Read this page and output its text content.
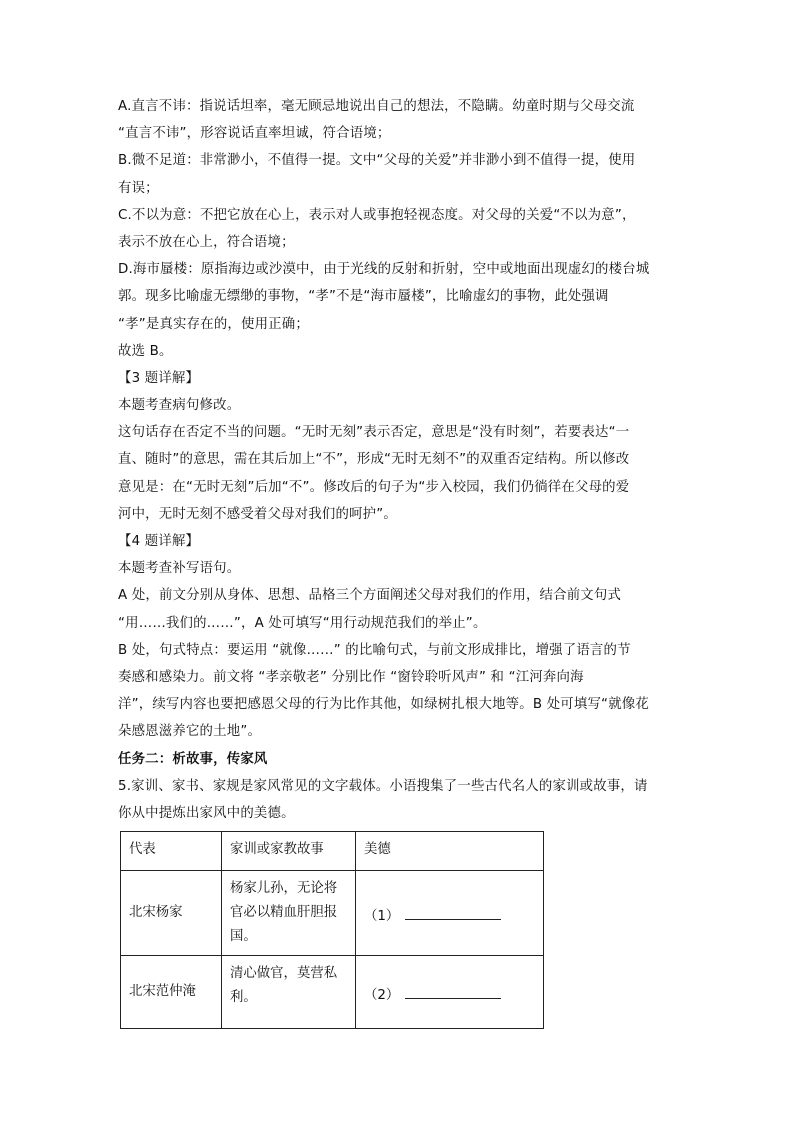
A.直言不讳：指说话坦率，毫无顾忌地说出自己的想法，不隐瞒。幼童时期与父母交流
“直言不讳”，形容说话直率坦诚，符合语境；
B.微不足道：非常渺小，不值得一提。文中“父母的关爱”并非渺小到不值得一提，使用
有误；
C.不以为意：不把它放在心上，表示对人或事抱轻视态度。对父母的关爱“不以为意”，
表示不放在心上，符合语境；
D.海市蜃楼：原指海边或沙漠中，由于光线的反射和折射，空中或地面出现虚幻的楼台城
郭。现多比喻虚无缥缈的事物，“孝”不是“海市蜃楼”，比喻虚幻的事物，此处强调
“孝”是真实存在的，使用正确；
故选 B。
【3 题详解】
本题考查病句修改。
这句话存在否定不当的问题。“无时无刻”表示否定，意思是“没有时刻”，若要表达“一
直、随时”的意思，需在其后加上“不”，形成“无时无刻不”的双重否定结构。所以修改
意见是：在“无时无刻”后加“不”。修改后的句子为“步入校园，我们仍徜徉在父母的爱
河中，无时无刻不感受着父母对我们的呵护”。
【4 题详解】
本题考查补写语句。
A 处，前文分别从身体、思想、品格三个方面阐述父母对我们的作用，结合前文句式
“用……我们的……”，A 处可填写“用行动规范我们的举止”。
B 处，句式特点：要运用 “就像……” 的比喻句式，与前文形成排比，增强了语言的节
奏感和感染力。前文将 “孝亲敬老” 分别比作 “窗铃聆听风声” 和 “江河奔向海
洋”，续写内容也要把感恩父母的行为比作其他，如绿树扎根大地等。B 处可填写“就像花
朵感恩滋养它的土地”。
任务二：析故事，传家风
5.家训、家书、家规是家风常见的文字载体。小语搜集了一些古代名人的家训或故事，请
你从中提炼出家风中的美德。
代表	家训或家教故事	美德
北宋杨家	杨家儿孙，无论将官必以精血肝胆报国。	（1）
北宋范仲淹	清心做官，莫营私利。	（2）
